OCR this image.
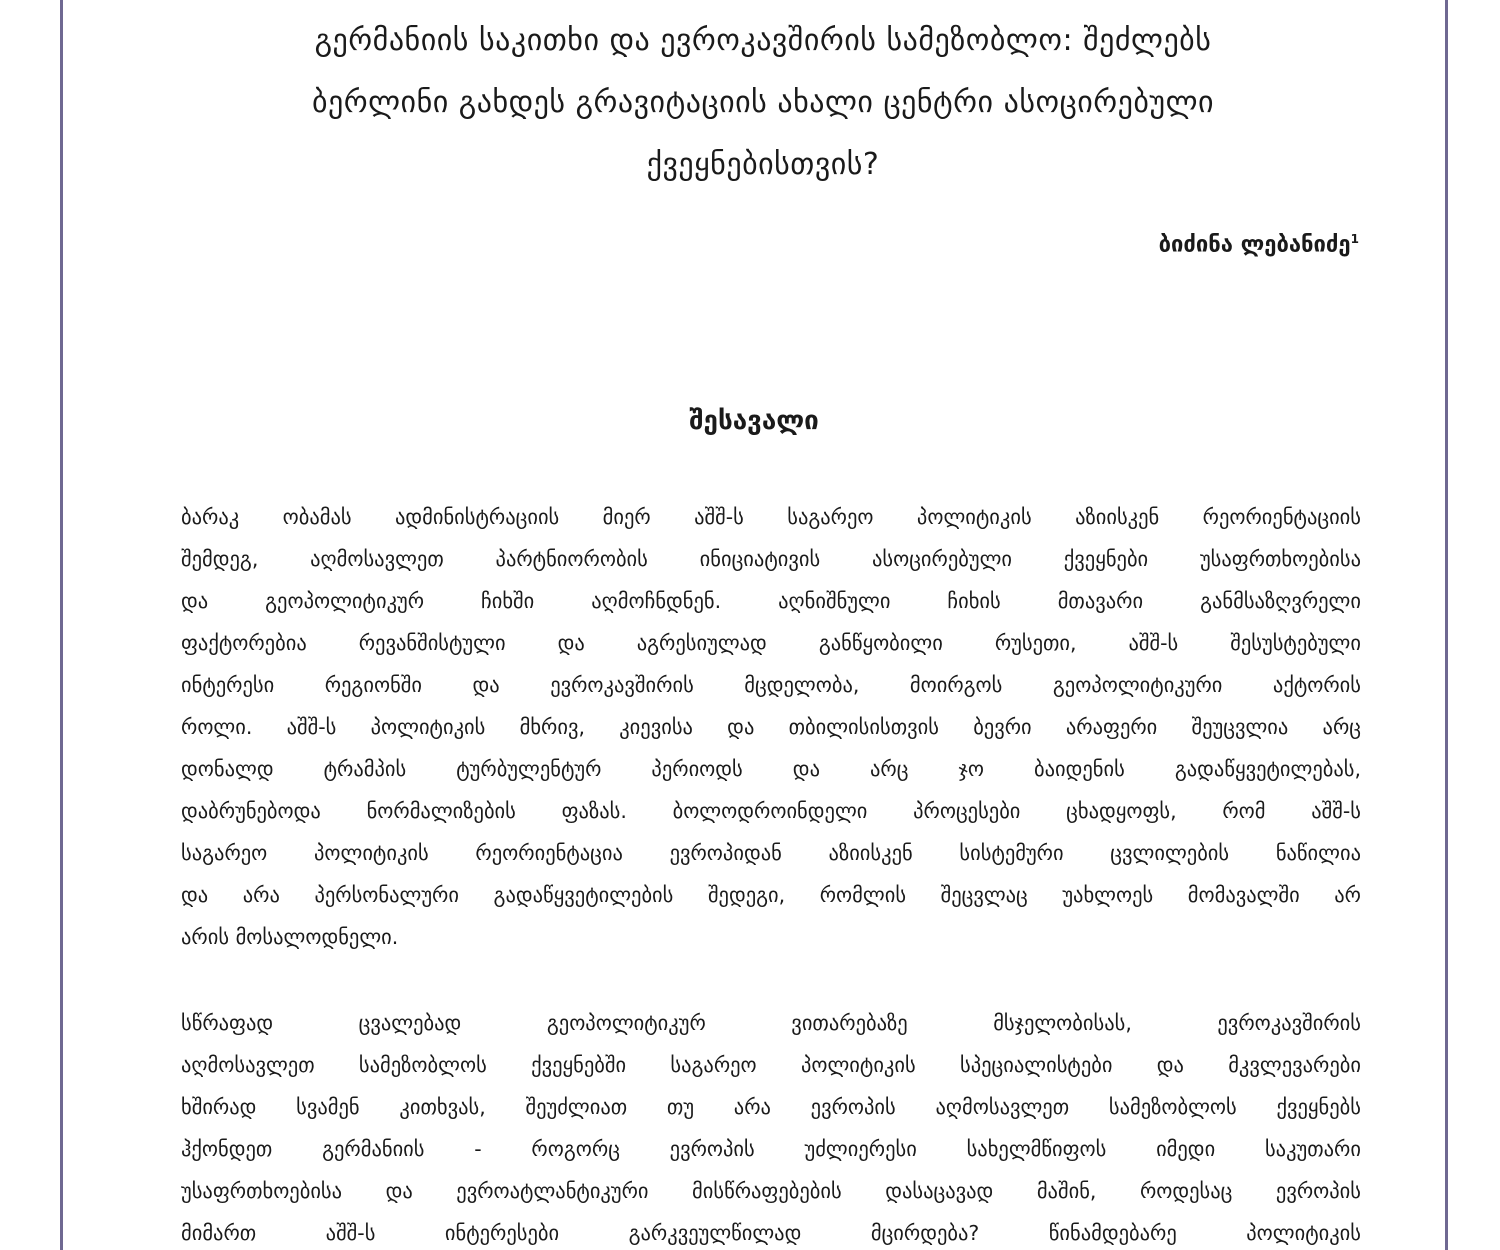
გერმანიის საკითხი და ევროკავშირის სამეზობლო: შეძლებს
ბერლინი გახდეს გრავიტაციის ახალი ცენტრი ასოცირებული
ქვეყნებისთვის?

ბიძინა ლებანიძე$^1$

შესავალი
ბარაკ ობამას ადმინისტრაციის მიერ აშშ-ს საგარეო პოლიტიკის აზიისკენ რეორიენტაციის
შემდეგ, აღმოსავლეთ პარტნიორობის ინიციატივის ასოცირებული ქვეყნები უსაფრთხოებისა
და გეოპოლიტიკურ ჩიხში აღმოჩნდნენ. აღნიშნული ჩიხის მთავარი განმსაზღვრელი
ფაქტორებია რევანშისტული და აგრესიულად განწყობილი რუსეთი, აშშ-ს შესუსტებული
ინტერესი რეგიონში და ევროკავშირის მცდელობა, მოირგოს გეოპოლიტიკური აქტორის
როლი. აშშ-ს პოლიტიკის მხრივ, კიევისა და თბილისისთვის ბევრი არაფერი შეუცვლია არც
დონალდ ტრამპის ტურბულენტურ პერიოდს და არც ჯო ბაიდენის გადაწყვეტილებას,
დაბრუნებოდა ნორმალიზების ფაზას. ბოლოდროინდელი პროცესები ცხადყოფს, რომ აშშ-ს
საგარეო პოლიტიკის რეორიენტაცია ევროპიდან აზიისკენ სისტემური ცვლილების ნაწილია
და არა პერსონალური გადაწყვეტილების შედეგი, რომლის შეცვლაც უახლოეს მომავალში არ
არის მოსალოდნელი.
სწრაფად ცვალებად გეოპოლიტიკურ ვითარებაზე მსჯელობისას, ევროკავშირის
აღმოსავლეთ სამეზობლოს ქვეყნებში საგარეო პოლიტიკის სპეციალისტები და მკვლევარები
ხშირად სვამენ კითხვას, შეუძლიათ თუ არა ევროპის აღმოსავლეთ სამეზობლოს ქვეყნებს
ჰქონდეთ გერმანიის - როგორც ევროპის უძლიერესი სახელმწიფოს იმედი საკუთარი
უსაფრთხოებისა და ევროატლანტიკური მისწრაფებების დასაცავად მაშინ, როდესაც ევროპის
მიმართ აშშ-ს ინტერესები გარკვეულწილად მცირდება? წინამდებარე პოლიტიკის
